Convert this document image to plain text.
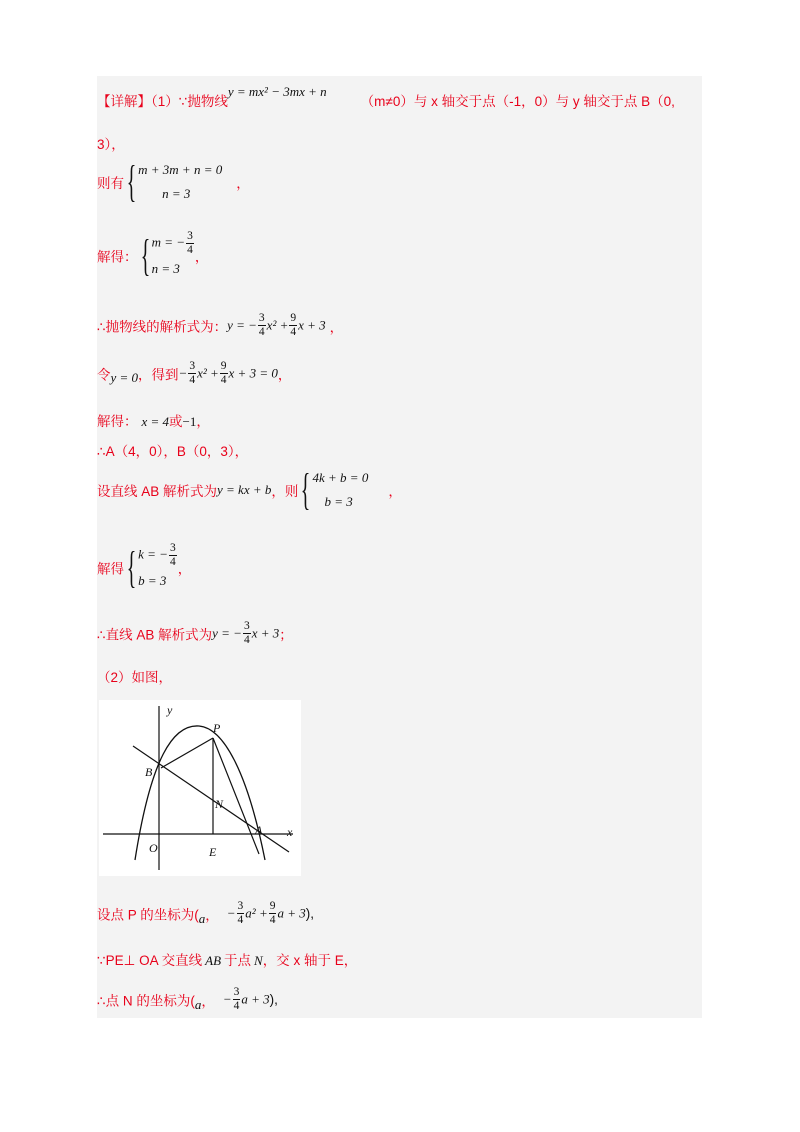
【详解】（1）∵抛物线y = mx² − 3mx + n（m≠0）与 x 轴交于点（-1，0）与 y 轴交于点 B（0,
3），
则有{ m + 3m + n = 0
n = 3
，
解得：{ m = − $\frac{3}{4}$
n = 3
，
∴抛物线的解析式为：y = − $\frac{3}{4} x^2 + \frac{9}{4}$ x + 3 ，
令y = 0，得到− $\frac{3}{4} x^2 + \frac{9}{4}$ x + 3 = 0，
解得： x = 4或−1，
∴A（4，0），B（0，3），
设直线 AB 解析式为y = kx + b，则{ 4k + b = 0
b = 3
，
解得{ k = − $\frac{3}{4}$
b = 3
，
∴直线 AB 解析式为y = − $\frac{3}{4}$ x + 3；
（2）如图，
y
x
P
B
N
A
O	E
设点 P 的坐标为(a， − $\frac{3}{4} a^2 + \frac{9}{4}$ a + 3),
∵PE⊥ OA 交直线 AB 于点 N，交 x 轴于 E，
∴点 N 的坐标为(a， − $\frac{3}{4}$ a + 3),
